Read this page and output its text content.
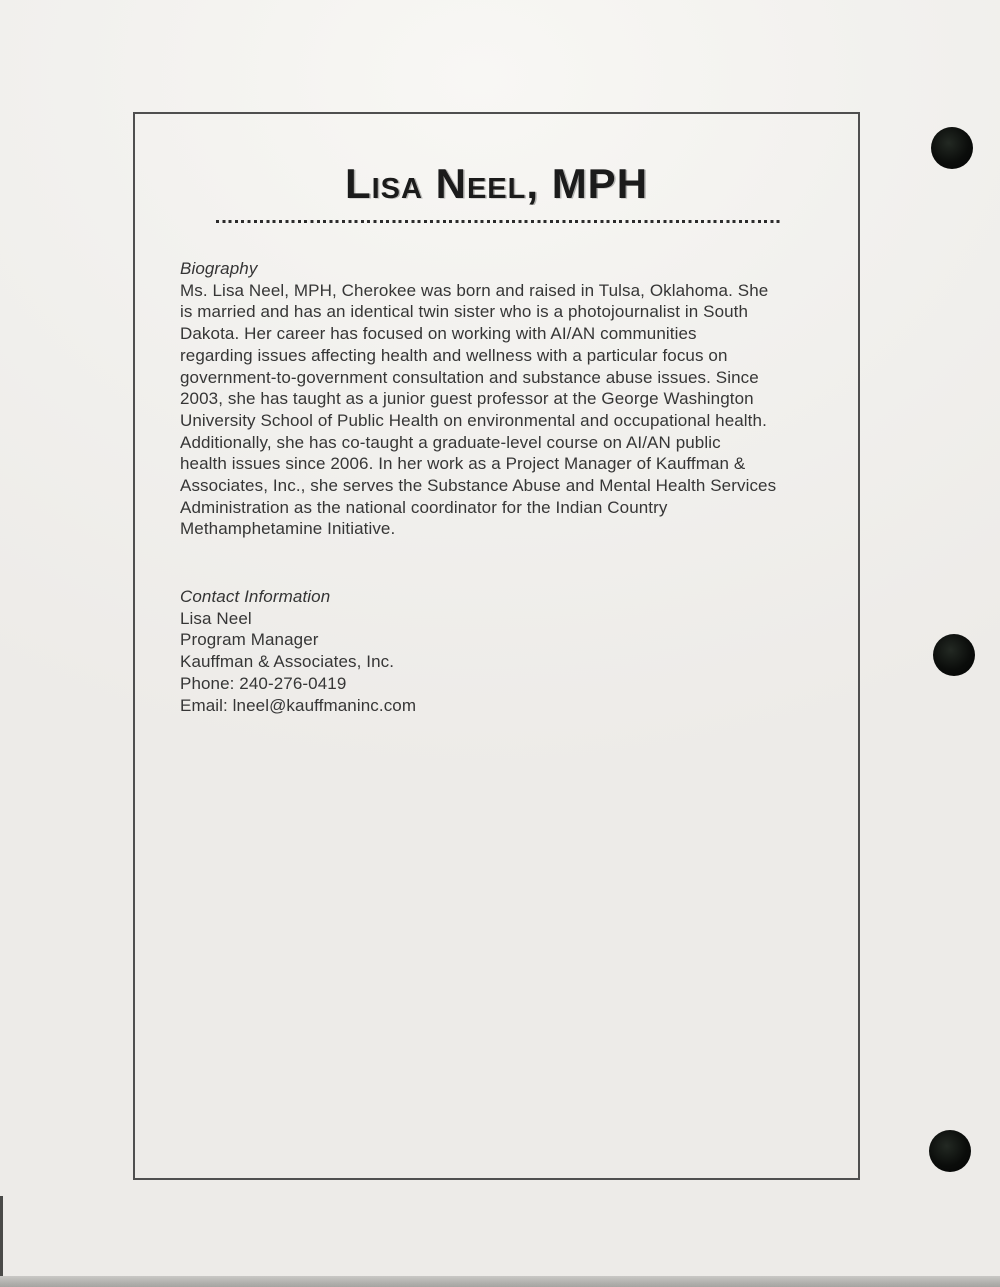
Lisa Neel, MPH
Biography
Ms. Lisa Neel, MPH, Cherokee was born and raised in Tulsa, Oklahoma. She
is married and has an identical twin sister who is a photojournalist in South
Dakota. Her career has focused on working with AI/AN communities
regarding issues affecting health and wellness with a particular focus on
government-to-government consultation and substance abuse issues. Since
2003, she has taught as a junior guest professor at the George Washington
University School of Public Health on environmental and occupational health.
Additionally, she has co-taught a graduate-level course on AI/AN public
health issues since 2006. In her work as a Project Manager of Kauffman &
Associates, Inc., she serves the Substance Abuse and Mental Health Services
Administration as the national coordinator for the Indian Country
Methamphetamine Initiative.
Contact Information
Lisa Neel
Program Manager
Kauffman & Associates, Inc.
Phone: 240-276-0419
Email: lneel@kauffmaninc.com
